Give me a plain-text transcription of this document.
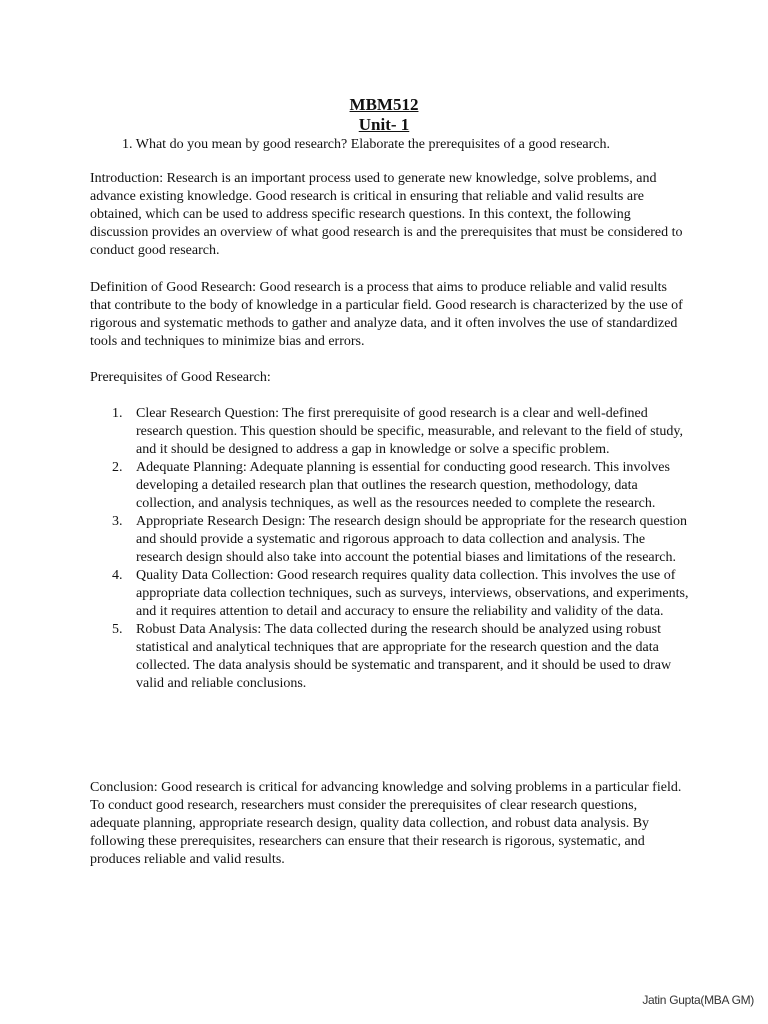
MBM512
Unit- 1
1. What do you mean by good research? Elaborate the prerequisites of a good research.

Introduction: Research is an important process used to generate new knowledge, solve problems, and advance existing knowledge. Good research is critical in ensuring that reliable and valid results are obtained, which can be used to address specific research questions. In this context, the following discussion provides an overview of what good research is and the prerequisites that must be considered to conduct good research.

Definition of Good Research: Good research is a process that aims to produce reliable and valid results that contribute to the body of knowledge in a particular field. Good research is characterized by the use of rigorous and systematic methods to gather and analyze data, and it often involves the use of standardized tools and techniques to minimize bias and errors.

Prerequisites of Good Research:

1. Clear Research Question: The first prerequisite of good research is a clear and well-defined research question. This question should be specific, measurable, and relevant to the field of study, and it should be designed to address a gap in knowledge or solve a specific problem.
2. Adequate Planning: Adequate planning is essential for conducting good research. This involves developing a detailed research plan that outlines the research question, methodology, data collection, and analysis techniques, as well as the resources needed to complete the research.
3. Appropriate Research Design: The research design should be appropriate for the research question and should provide a systematic and rigorous approach to data collection and analysis. The research design should also take into account the potential biases and limitations of the research.
4. Quality Data Collection: Good research requires quality data collection. This involves the use of appropriate data collection techniques, such as surveys, interviews, observations, and experiments, and it requires attention to detail and accuracy to ensure the reliability and validity of the data.
5. Robust Data Analysis: The data collected during the research should be analyzed using robust statistical and analytical techniques that are appropriate for the research question and the data collected. The data analysis should be systematic and transparent, and it should be used to draw valid and reliable conclusions.

Conclusion: Good research is critical for advancing knowledge and solving problems in a particular field. To conduct good research, researchers must consider the prerequisites of clear research questions, adequate planning, appropriate research design, quality data collection, and robust data analysis. By following these prerequisites, researchers can ensure that their research is rigorous, systematic, and produces reliable and valid results.

Jatin Gupta(MBA GM)
